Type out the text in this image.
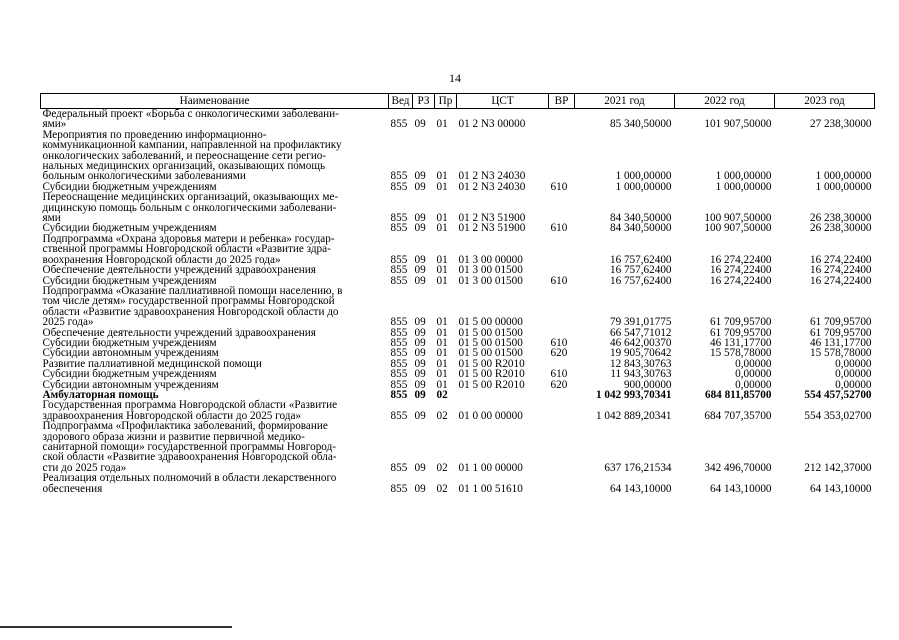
14
Наименование	Вед	РЗ	Пр	ЦСТ	ВР	2021 год	2022 год	2023 год
Федеральный проект «Борьба с онкологическими заболевани-
ями»	855	09	01	01 2 N3 00000		85 340,50000	101 907,50000	27 238,30000
Мероприятия по проведению информационно-
коммуникационной кампании, направленной на профилактику
онкологических заболеваний, и переоснащение сети регио-
нальных медицинских организаций, оказывающих помощь
больным онкологическими заболеваниями	855	09	01	01 2 N3 24030		1 000,00000	1 000,00000	1 000,00000
Субсидии бюджетным учреждениям	855	09	01	01 2 N3 24030	610	1 000,00000	1 000,00000	1 000,00000
Переоснащение медицинских организаций, оказывающих ме-
дицинскую помощь больным с онкологическими заболевани-
ями	855	09	01	01 2 N3 51900		84 340,50000	100 907,50000	26 238,30000
Субсидии бюджетным учреждениям	855	09	01	01 2 N3 51900	610	84 340,50000	100 907,50000	26 238,30000
Подпрограмма «Охрана здоровья матери и ребенка» государ-
ственной программы Новгородской области «Развитие здра-
воохранения Новгородской области до 2025 года»	855	09	01	01 3 00 00000		16 757,62400	16 274,22400	16 274,22400
Обеспечение деятельности учреждений здравоохранения	855	09	01	01 3 00 01500		16 757,62400	16 274,22400	16 274,22400
Субсидии бюджетным учреждениям	855	09	01	01 3 00 01500	610	16 757,62400	16 274,22400	16 274,22400
Подпрограмма «Оказание паллиативной помощи населению, в
том числе детям» государственной программы Новгородской
области «Развитие здравоохранения Новгородской области до
2025 года»	855	09	01	01 5 00 00000		79 391,01775	61 709,95700	61 709,95700
Обеспечение деятельности учреждений здравоохранения	855	09	01	01 5 00 01500		66 547,71012	61 709,95700	61 709,95700
Субсидии бюджетным учреждениям	855	09	01	01 5 00 01500	610	46 642,00370	46 131,17700	46 131,17700
Субсидии автономным учреждениям	855	09	01	01 5 00 01500	620	19 905,70642	15 578,78000	15 578,78000
Развитие паллиативной медицинской помощи	855	09	01	01 5 00 R2010		12 843,30763	0,00000	0,00000
Субсидии бюджетным учреждениям	855	09	01	01 5 00 R2010	610	11 943,30763	0,00000	0,00000
Субсидии автономным учреждениям	855	09	01	01 5 00 R2010	620	900,00000	0,00000	0,00000
Амбулаторная помощь	855	09	02			1 042 993,70341	684 811,85700	554 457,52700
Государственная программа Новгородской области «Развитие
здравоохранения Новгородской области до 2025 года»	855	09	02	01 0 00 00000		1 042 889,20341	684 707,35700	554 353,02700
Подпрограмма «Профилактика заболеваний, формирование
здорового образа жизни и развитие первичной медико-
санитарной помощи» государственной программы Новгород-
ской области «Развитие здравоохранения Новгородской обла-
сти до 2025 года»	855	09	02	01 1 00 00000		637 176,21534	342 496,70000	212 142,37000
Реализация отдельных полномочий в области лекарственного
обеспечения	855	09	02	01 1 00 51610		64 143,10000	64 143,10000	64 143,10000
